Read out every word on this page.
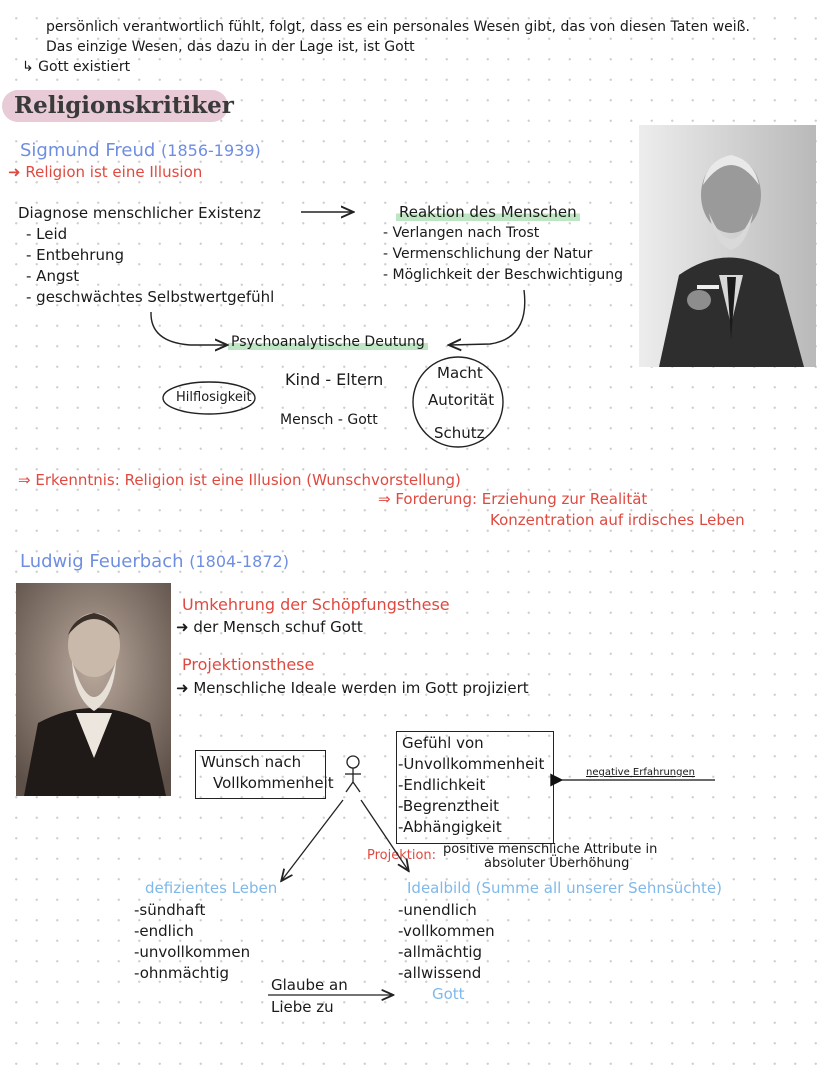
persönlich verantwortlich fühlt, folgt, dass es ein personales Wesen gibt, das von diesen Taten weiß.
Das einzige Wesen, das dazu in der Lage ist, ist Gott
↳ Gott existiert
Religionskritiker
Sigmund Freud (1856-1939)
➜ Religion ist eine Illusion
Diagnose menschlicher Existenz
- Leid
- Entbehrung
- Angst
- geschwächtes Selbstwertgefühl
Reaktion des Menschen
- Verlangen nach Trost
- Vermenschlichung der Natur
- Möglichkeit der Beschwichtigung
Psychoanalytische Deutung
Kind - Eltern
Mensch - Gott
Hilflosigkeit
Macht
Autorität
Schutz
⇒ Erkenntnis: Religion ist eine Illusion (Wunschvorstellung)
⇒ Forderung: Erziehung zur Realität
Konzentration auf irdisches Leben
Ludwig Feuerbach (1804-1872)
Umkehrung der Schöpfungsthese
➜ der Mensch schuf Gott
Projektionsthese
➜ Menschliche Ideale werden im Gott projiziert
Wunsch nach
Vollkommenheit
Gefühl von
-Unvollkommenheit
-Endlichkeit
-Begrenztheit
-Abhängigkeit
negative Erfahrungen
Projektion: positive menschliche Attribute in
absoluter Überhöhung
defizientes Leben
-sündhaft
-endlich
-unvollkommen
-ohnmächtig
Idealbild (Summe all unserer Sehnsüchte)
-unendlich
-vollkommen
-allmächtig
-allwissend
Gott
Glaube an
Liebe zu
